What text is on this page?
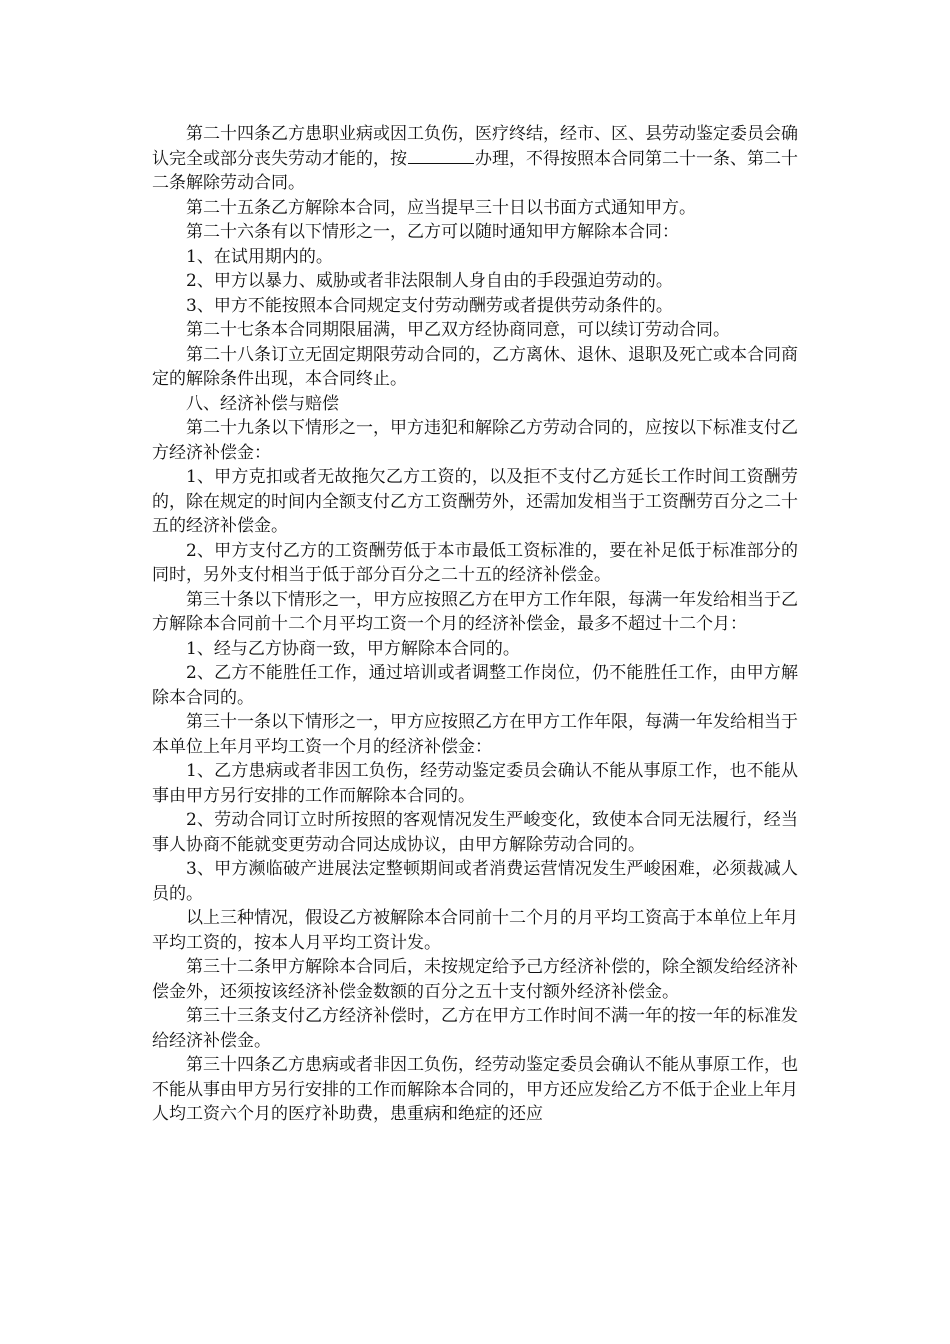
第二十四条乙方患职业病或因工负伤，医疗终结，经市、区、县劳动鉴定委员会确认完全或部分丧失劳动才能的，按	办理，不得按照本合同第二十一条、第二十二条解除劳动合同。

第二十五条乙方解除本合同，应当提早三十日以书面方式通知甲方。

第二十六条有以下情形之一，乙方可以随时通知甲方解除本合同：

1、在试用期内的。

2、甲方以暴力、威胁或者非法限制人身自由的手段强迫劳动的。

3、甲方不能按照本合同规定支付劳动酬劳或者提供劳动条件的。

第二十七条本合同期限届满，甲乙双方经协商同意，可以续订劳动合同。

第二十八条订立无固定期限劳动合同的，乙方离休、退休、退职及死亡或本合同商定的解除条件出现，本合同终止。

八、经济补偿与赔偿

第二十九条以下情形之一，甲方违犯和解除乙方劳动合同的，应按以下标准支付乙方经济补偿金：

1、甲方克扣或者无故拖欠乙方工资的，以及拒不支付乙方延长工作时间工资酬劳的，除在规定的时间内全额支付乙方工资酬劳外，还需加发相当于工资酬劳百分之二十五的经济补偿金。

2、甲方支付乙方的工资酬劳低于本市最低工资标准的，要在补足低于标准部分的同时，另外支付相当于低于部分百分之二十五的经济补偿金。

第三十条以下情形之一，甲方应按照乙方在甲方工作年限，每满一年发给相当于乙方解除本合同前十二个月平均工资一个月的经济补偿金，最多不超过十二个月：

1、经与乙方协商一致，甲方解除本合同的。

2、乙方不能胜任工作，通过培训或者调整工作岗位，仍不能胜任工作，由甲方解除本合同的。

第三十一条以下情形之一，甲方应按照乙方在甲方工作年限，每满一年发给相当于本单位上年月平均工资一个月的经济补偿金：

1、乙方患病或者非因工负伤，经劳动鉴定委员会确认不能从事原工作，也不能从事由甲方另行安排的工作而解除本合同的。

2、劳动合同订立时所按照的客观情况发生严峻变化，致使本合同无法履行，经当事人协商不能就变更劳动合同达成协议，由甲方解除劳动合同的。

3、甲方濒临破产进展法定整顿期间或者消费运营情况发生严峻困难，必须裁减人员的。

以上三种情况，假设乙方被解除本合同前十二个月的月平均工资高于本单位上年月平均工资的，按本人月平均工资计发。

第三十二条甲方解除本合同后，未按规定给予己方经济补偿的，除全额发给经济补偿金外，还须按该经济补偿金数额的百分之五十支付额外经济补偿金。

第三十三条支付乙方经济补偿时，乙方在甲方工作时间不满一年的按一年的标准发给经济补偿金。

第三十四条乙方患病或者非因工负伤，经劳动鉴定委员会确认不能从事原工作，也不能从事由甲方另行安排的工作而解除本合同的，甲方还应发给乙方不低于企业上年月人均工资六个月的医疗补助费，患重病和绝症的还应
